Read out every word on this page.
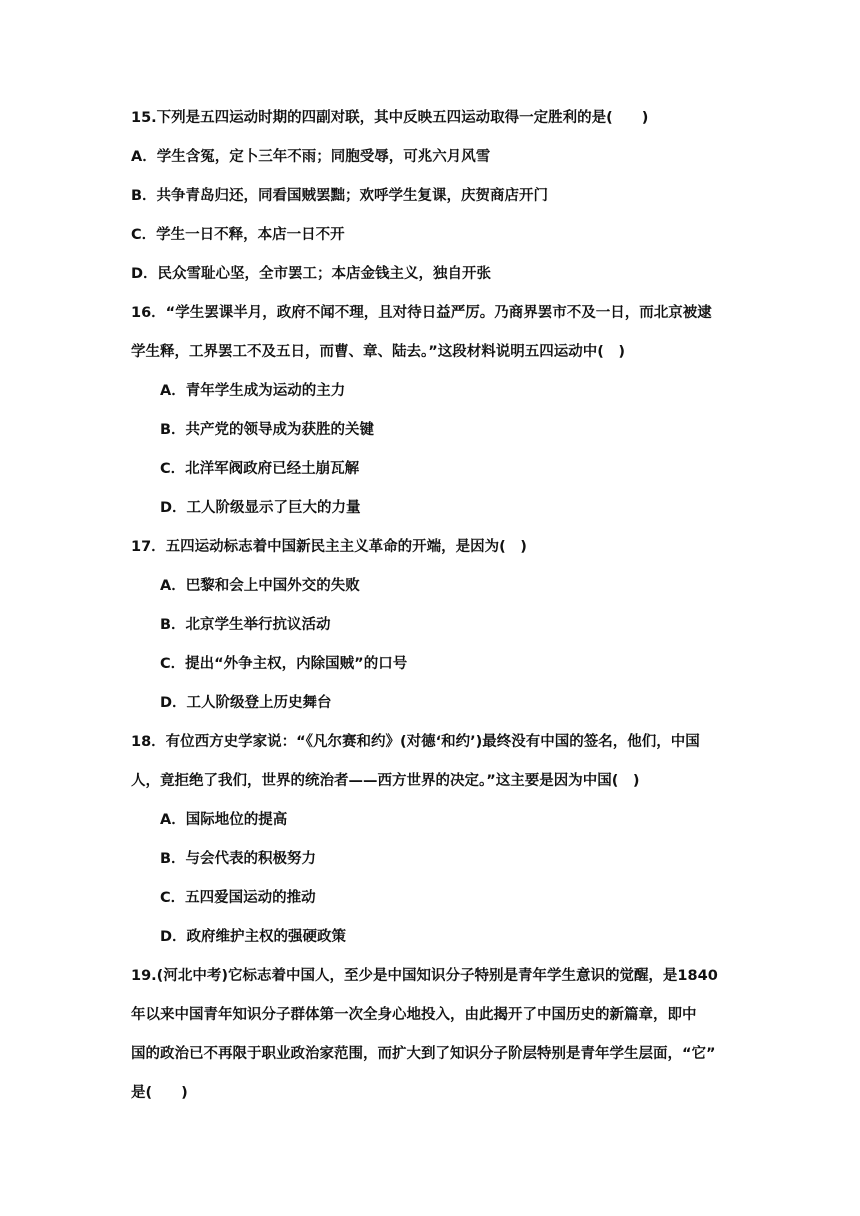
15.下列是五四运动时期的四副对联，其中反映五四运动取得一定胜利的是(　　)
A．学生含冤，定卜三年不雨；同胞受辱，可兆六月风雪
B．共争青岛归还，同看国贼罢黜；欢呼学生复课，庆贺商店开门
C．学生一日不释，本店一日不开
D．民众雪耻心坚，全市罢工；本店金钱主义，独自开张
16．“学生罢课半月，政府不闻不理，且对待日益严厉。乃商界罢市不及一日，而北京被逮
学生释，工界罢工不及五日，而曹、章、陆去。”这段材料说明五四运动中(　)
A．青年学生成为运动的主力
B．共产党的领导成为获胜的关键
C．北洋军阀政府已经土崩瓦解
D．工人阶级显示了巨大的力量
17．五四运动标志着中国新民主主义革命的开端，是因为(　)
A．巴黎和会上中国外交的失败
B．北京学生举行抗议活动
C．提出“外争主权，内除国贼”的口号
D．工人阶级登上历史舞台
18．有位西方史学家说：“《凡尔赛和约》(对德‘和约’)最终没有中国的签名，他们，中国
人，竟拒绝了我们，世界的统治者——西方世界的决定。”这主要是因为中国(　)
A．国际地位的提高
B．与会代表的积极努力
C．五四爱国运动的推动
D．政府维护主权的强硬政策
19.(河北中考)它标志着中国人，至少是中国知识分子特别是青年学生意识的觉醒，是1840
年以来中国青年知识分子群体第一次全身心地投入，由此揭开了中国历史的新篇章，即中
国的政治已不再限于职业政治家范围，而扩大到了知识分子阶层特别是青年学生层面，“它”
是(　　)
